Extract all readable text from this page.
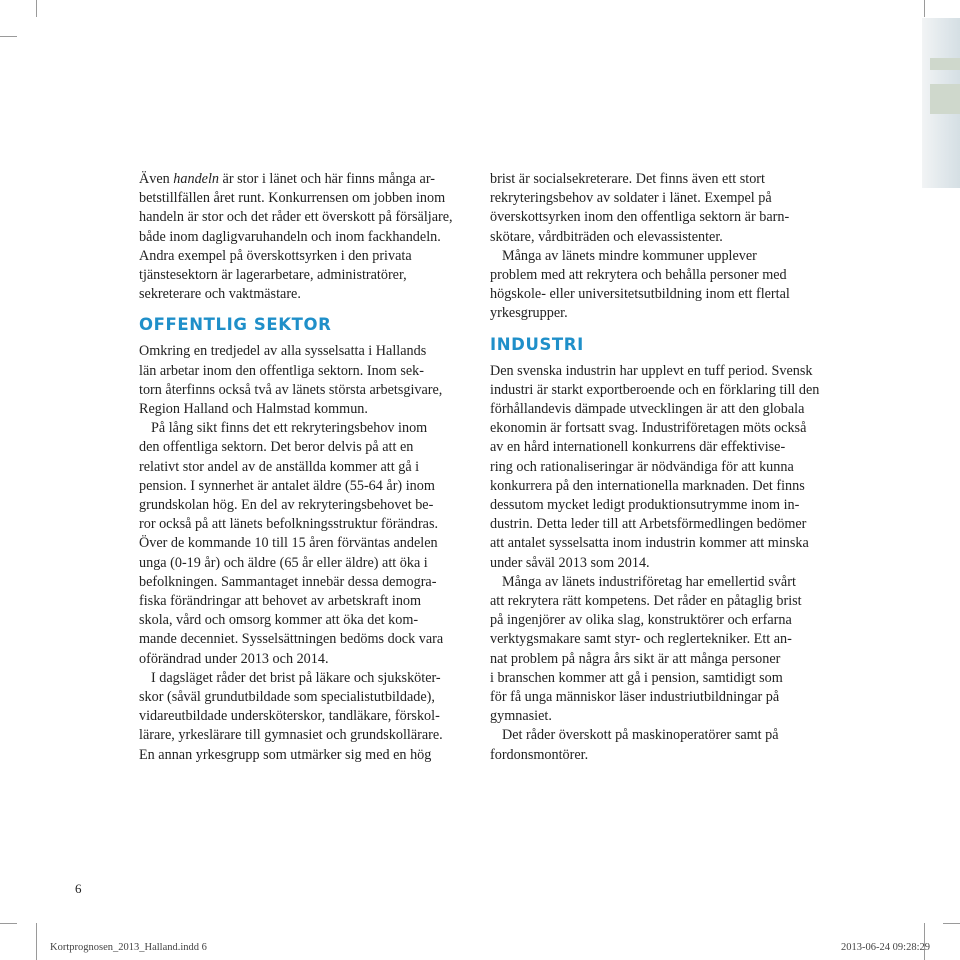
Även handeln är stor i länet och här finns många ar-
betstillfällen året runt. Konkurrensen om jobben inom
handeln är stor och det råder ett överskott på försäljare,
både inom dagligvaruhandeln och inom fackhandeln.
Andra exempel på överskottsyrken i den privata
tjänstesektorn är lagerarbetare, administratörer,
sekreterare och vaktmästare.
OFFENTLIG SEKTOR
Omkring en tredjedel av alla sysselsatta i Hallands
län arbetar inom den offentliga sektorn. Inom sek-
torn återfinns också två av länets största arbetsgivare,
Region Halland och Halmstad kommun.
På lång sikt finns det ett rekryteringsbehov inom
den offentliga sektorn. Det beror delvis på att en
relativt stor andel av de anställda kommer att gå i
pension. I synnerhet är antalet äldre (55-64 år) inom
grundskolan hög. En del av rekryteringsbehovet be-
ror också på att länets befolkningsstruktur förändras.
Över de kommande 10 till 15 åren förväntas andelen
unga (0-19 år) och äldre (65 år eller äldre) att öka i
befolkningen. Sammantaget innebär dessa demogra-
fiska förändringar att behovet av arbetskraft inom
skola, vård och omsorg kommer att öka det kom-
mande decenniet. Sysselsättningen bedöms dock vara
oförändrad under 2013 och 2014.
I dagsläget råder det brist på läkare och sjuksköter-
skor (såväl grundutbildade som specialistutbildade),
vidareutbildade undersköterskor, tandläkare, förskol-
lärare, yrkeslärare till gymnasiet och grundskollärare.
En annan yrkesgrupp som utmärker sig med en hög
brist är socialsekreterare. Det finns även ett stort
rekryteringsbehov av soldater i länet. Exempel på
överskottsyrken inom den offentliga sektorn är barn-
skötare, vårdbiträden och elevassistenter.
Många av länets mindre kommuner upplever
problem med att rekrytera och behålla personer med
högskole- eller universitetsutbildning inom ett flertal
yrkesgrupper.
INDUSTRI
Den svenska industrin har upplevt en tuff period. Svensk
industri är starkt exportberoende och en förklaring till den
förhållandevis dämpade utvecklingen är att den globala
ekonomin är fortsatt svag. Industriföretagen möts också
av en hård internationell konkurrens där effektivise-
ring och rationaliseringar är nödvändiga för att kunna
konkurrera på den internationella marknaden. Det finns
dessutom mycket ledigt produktionsutrymme inom in-
dustrin. Detta leder till att Arbetsförmedlingen bedömer
att antalet sysselsatta inom industrin kommer att minska
under såväl 2013 som 2014.
Många av länets industriföretag har emellertid svårt
att rekrytera rätt kompetens. Det råder en påtaglig brist
på ingenjörer av olika slag, konstruktörer och erfarna
verktygsmakare samt styr- och reglertekniker. Ett an-
nat problem på några års sikt är att många personer
i branschen kommer att gå i pension, samtidigt som
för få unga människor läser industriutbildningar på
gymnasiet.
Det råder överskott på maskinoperatörer samt på
fordonsmontörer.
6
Kortprognosen_2013_Halland.indd 6	2013-06-24 09:28:29
